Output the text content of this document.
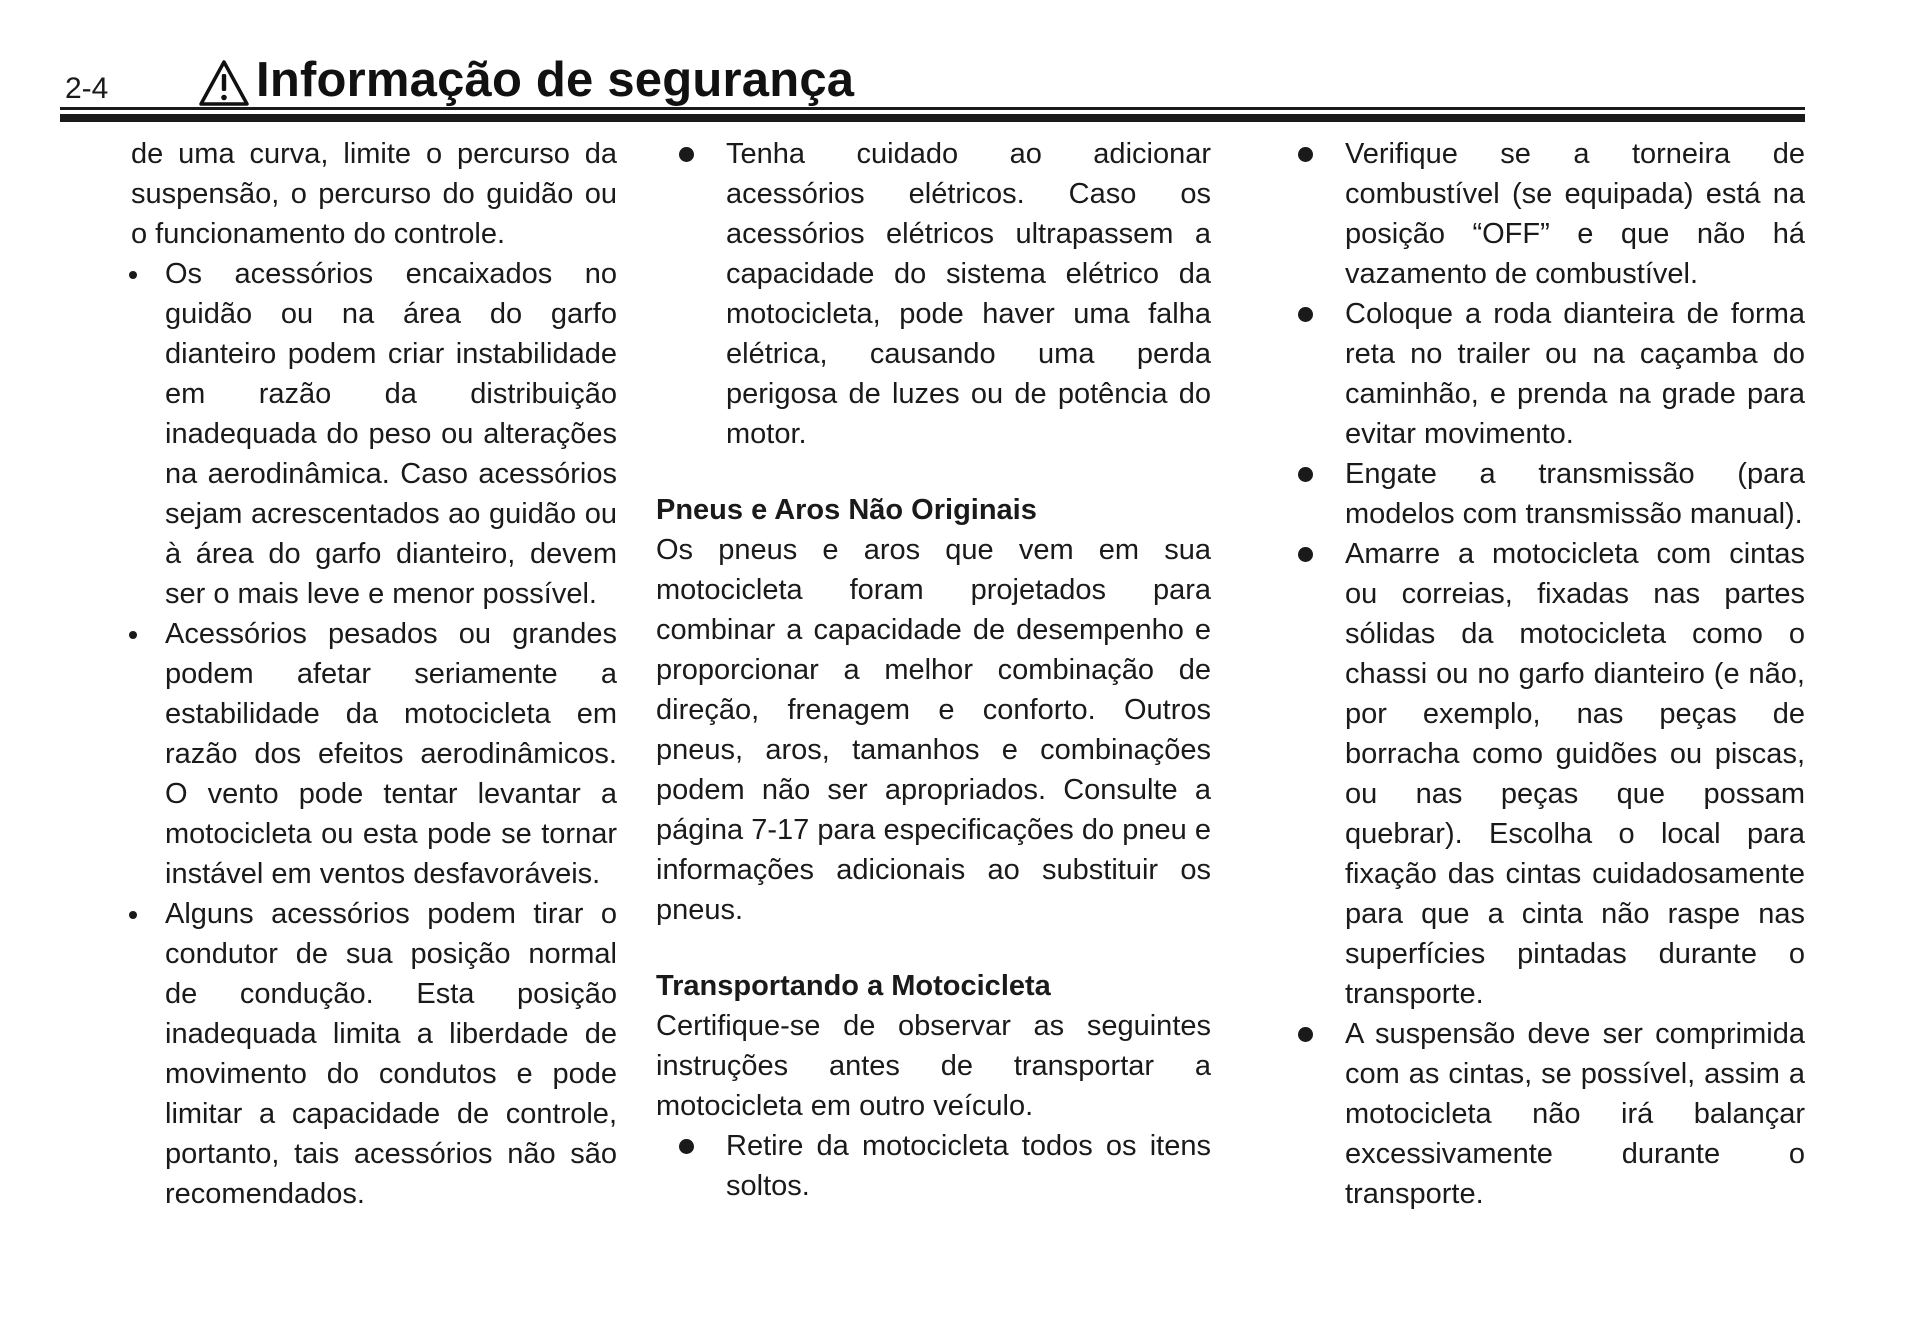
2-4	Informação de segurança

de uma curva, limite o percurso da suspensão, o percurso do guidão ou o funcionamento do controle.

Os acessórios encaixados no guidão ou na área do garfo dianteiro podem criar instabilidade em razão da distribuição inadequada do peso ou alterações na aerodinâmica. Caso acessórios sejam acrescentados ao guidão ou à área do garfo dianteiro, devem ser o mais leve e menor possível.
Acessórios pesados ou grandes podem afetar seriamente a estabilidade da motocicleta em razão dos efeitos aerodinâmicos. O vento pode tentar levantar a motocicleta ou esta pode se tornar instável em ventos desfavoráveis.
Alguns acessórios podem tirar o condutor de sua posição normal de condução. Esta posição inadequada limita a liberdade de movimento do condutos e pode limitar a capacidade de controle, portanto, tais acessórios não são recomendados.
Tenha cuidado ao adicionar acessórios elétricos. Caso os acessórios elétricos ultrapassem a capacidade do sistema elétrico da motocicleta, pode haver uma falha elétrica, causando uma perda perigosa de luzes ou de potência do motor.
Pneus e Aros Não Originais

Os pneus e aros que vem em sua motocicleta foram projetados para combinar a capacidade de desempenho e proporcionar a melhor combinação de direção, frenagem e conforto. Outros pneus, aros, tamanhos e combinações podem não ser apropriados. Consulte a página 7-17 para especificações do pneu e informações adicionais ao substituir os pneus.

Transportando a Motocicleta

Certifique-se de observar as seguintes instruções antes de transportar a motocicleta em outro veículo.

Retire da motocicleta todos os itens soltos.
Verifique se a torneira de combustível (se equipada) está na posição “OFF” e que não há vazamento de combustível.
Coloque a roda dianteira de forma reta no trailer ou na caçamba do caminhão, e prenda na grade para evitar movimento.
Engate a transmissão (para modelos com transmissão manual).
Amarre a motocicleta com cintas ou correias, fixadas nas partes sólidas da motocicleta como o chassi ou no garfo dianteiro (e não, por exemplo, nas peças de borracha como guidões ou piscas, ou nas peças que possam quebrar). Escolha o local para fixação das cintas cuidadosamente para que a cinta não raspe nas superfícies pintadas durante o transporte.
A suspensão deve ser comprimida com as cintas, se possível, assim a motocicleta não irá balançar excessivamente durante o transporte.
